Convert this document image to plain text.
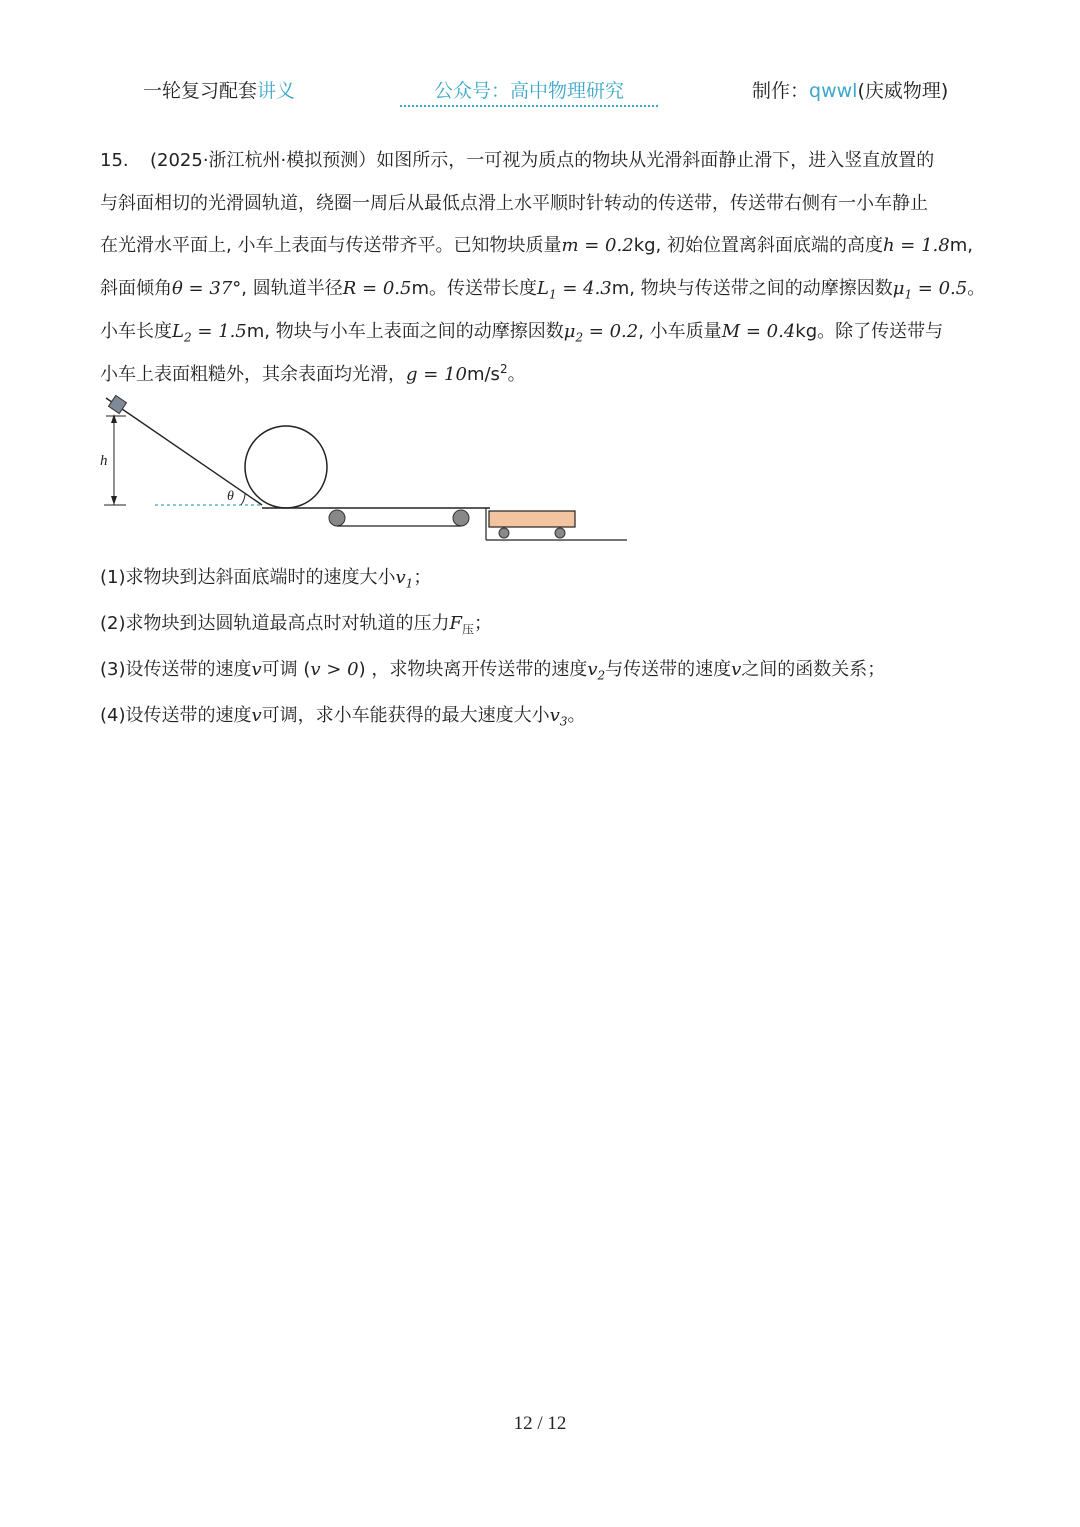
一轮复习配套讲义	公众号：高中物理研究	制作：qwwl(庆威物理)

15. (2025·浙江杭州·模拟预测）如图所示，一可视为质点的物块从光滑斜面静止滑下，进入竖直放置的

与斜面相切的光滑圆轨道，绕圈一周后从最低点滑上水平顺时针转动的传送带，传送带右侧有一小车静止

在光滑水平面上, 小车上表面与传送带齐平。已知物块质量m = 0.2kg, 初始位置离斜面底端的高度h = 1.8m,

斜面倾角θ = 37°, 圆轨道半径R = 0.5m。传送带长度$L_1 = 4.3m$, 物块与传送带之间的动摩擦因数$\mu_1 = 0.5$。

小车长度$L_2 = 1.5m$, 物块与小车上表面之间的动摩擦因数$\mu_2 = 0.2$, 小车质量M = 0.4kg。除了传送带与

小车上表面粗糙外，其余表面均光滑，$g = 10m/s^2$。

h
θ

(1)求物块到达斜面底端时的速度大小$v_1$；

(2)求物块到达圆轨道最高点时对轨道的压力$F_压$；

(3)设传送带的速度v可调 (v > 0) ，求物块离开传送带的速度$v_2$与传送带的速度v之间的函数关系；

(4)设传送带的速度v可调，求小车能获得的最大速度大小$v_3$。

12 / 12
